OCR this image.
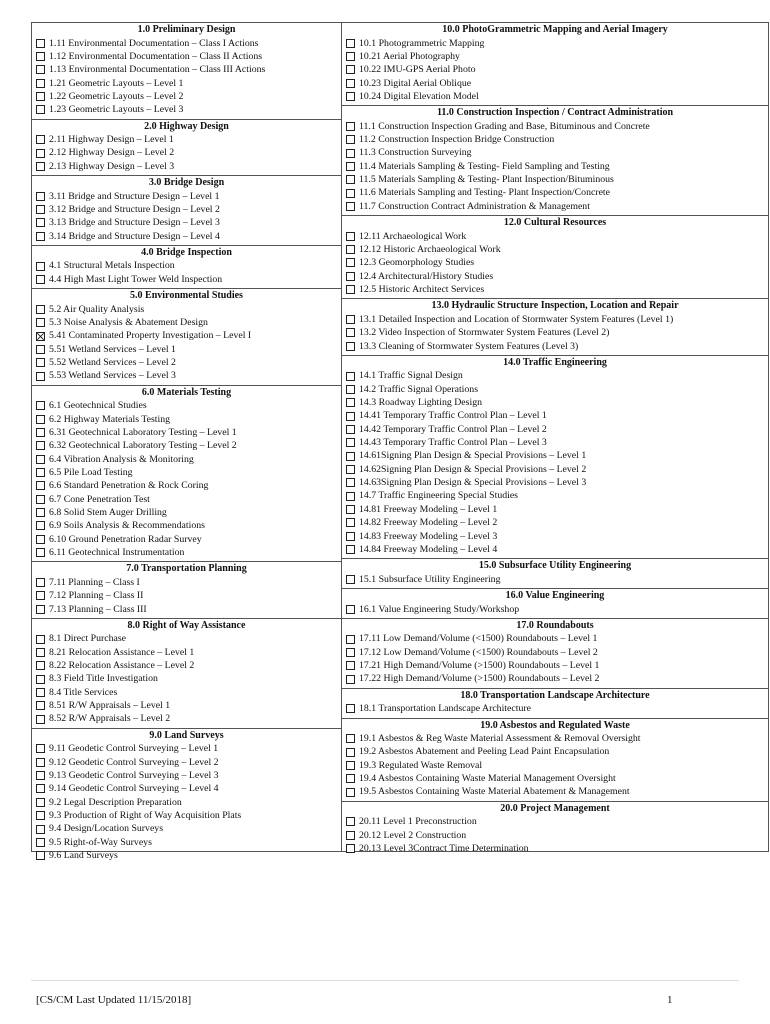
1.0 Preliminary Design
1.11 Environmental Documentation – Class I Actions
1.12 Environmental Documentation – Class II Actions
1.13 Environmental Documentation – Class III Actions
1.21 Geometric Layouts – Level 1
1.22 Geometric Layouts – Level 2
1.23 Geometric Layouts – Level 3
2.0 Highway Design
2.11 Highway Design – Level 1
2.12 Highway Design – Level 2
2.13 Highway Design – Level 3
3.0 Bridge Design
3.11 Bridge and Structure Design – Level 1
3.12 Bridge and Structure Design – Level 2
3.13 Bridge and Structure Design – Level 3
3.14 Bridge and Structure Design – Level 4
4.0 Bridge Inspection
4.1 Structural Metals Inspection
4.4 High Mast Light Tower Weld Inspection
5.0 Environmental Studies
5.2 Air Quality Analysis
5.3 Noise Analysis & Abatement Design
5.41 Contaminated Property Investigation – Level I
5.51 Wetland Services – Level 1
5.52 Wetland Services – Level 2
5.53 Wetland Services – Level 3
6.0 Materials Testing
6.1 Geotechnical Studies
6.2 Highway Materials Testing
6.31 Geotechnical Laboratory Testing – Level 1
6.32 Geotechnical Laboratory Testing – Level 2
6.4 Vibration Analysis & Monitoring
6.5 Pile Load Testing
6.6 Standard Penetration & Rock Coring
6.7 Cone Penetration Test
6.8 Solid Stem Auger Drilling
6.9 Soils Analysis & Recommendations
6.10 Ground Penetration Radar Survey
6.11 Geotechnical Instrumentation
7.0 Transportation Planning
7.11 Planning – Class I
7.12 Planning – Class II
7.13 Planning – Class III
8.0 Right of Way Assistance
8.1 Direct Purchase
8.21 Relocation Assistance – Level 1
8.22 Relocation Assistance – Level 2
8.3 Field Title Investigation
8.4 Title Services
8.51 R/W Appraisals – Level 1
8.52 R/W Appraisals – Level 2
9.0 Land Surveys
9.11 Geodetic Control Surveying – Level 1
9.12 Geodetic Control Surveying – Level 2
9.13 Geodetic Control Surveying – Level 3
9.14 Geodetic Control Surveying – Level 4
9.2 Legal Description Preparation
9.3 Production of Right of Way Acquisition Plats
9.4 Design/Location Surveys
9.5 Right-of-Way Surveys
9.6 Land Surveys
10.0 PhotoGrammetric Mapping and Aerial Imagery
10.1 Photogrammetric Mapping
10.21 Aerial Photography
10.22 IMU-GPS Aerial Photo
10.23 Digital Aerial Oblique
10.24 Digital Elevation Model
11.0 Construction Inspection / Contract Administration
11.1 Construction Inspection Grading and Base, Bituminous and Concrete
11.2 Construction Inspection Bridge Construction
11.3 Construction Surveying
11.4 Materials Sampling & Testing- Field Sampling and Testing
11.5 Materials Sampling & Testing- Plant Inspection/Bituminous
11.6 Materials Sampling and Testing- Plant Inspection/Concrete
11.7 Construction Contract Administration & Management
12.0 Cultural Resources
12.11 Archaeological Work
12.12 Historic Archaeological Work
12.3 Geomorphology Studies
12.4 Architectural/History Studies
12.5 Historic Architect Services
13.0 Hydraulic Structure Inspection, Location and Repair
13.1 Detailed Inspection and Location of Stormwater System Features (Level 1)
13.2 Video Inspection of Stormwater System Features (Level 2)
13.3 Cleaning of Stormwater System Features (Level 3)
14.0 Traffic Engineering
14.1 Traffic Signal Design
14.2 Traffic Signal Operations
14.3 Roadway Lighting Design
14.41 Temporary Traffic Control Plan – Level 1
14.42 Temporary Traffic Control Plan – Level 2
14.43 Temporary Traffic Control Plan – Level 3
14.61Signing Plan Design & Special Provisions – Level 1
14.62Signing Plan Design & Special Provisions – Level 2
14.63Signing Plan Design & Special Provisions – Level 3
14.7 Traffic Engineering Special Studies
14.81 Freeway Modeling – Level 1
14.82 Freeway Modeling – Level 2
14.83 Freeway Modeling – Level 3
14.84 Freeway Modeling – Level 4
15.0 Subsurface Utility Engineering
15.1 Subsurface Utility Engineering
16.0 Value Engineering
16.1 Value Engineering Study/Workshop
17.0 Roundabouts
17.11 Low Demand/Volume (<1500) Roundabouts – Level 1
17.12 Low Demand/Volume (<1500) Roundabouts – Level 2
17.21 High Demand/Volume (>1500) Roundabouts – Level 1
17.22 High Demand/Volume (>1500) Roundabouts – Level 2
18.0 Transportation Landscape Architecture
18.1 Transportation Landscape Architecture
19.0 Asbestos and Regulated Waste
19.1 Asbestos & Reg Waste Material Assessment & Removal Oversight
19.2 Asbestos Abatement and Peeling Lead Paint Encapsulation
19.3 Regulated Waste Removal
19.4 Asbestos Containing Waste Material Management Oversight
19.5 Asbestos Containing Waste Material Abatement & Management
20.0 Project Management
20.11 Level 1 Preconstruction
20.12 Level 2 Construction
20.13 Level 3Contract Time Determination
[CS/CM Last Updated 11/15/2018]	1
